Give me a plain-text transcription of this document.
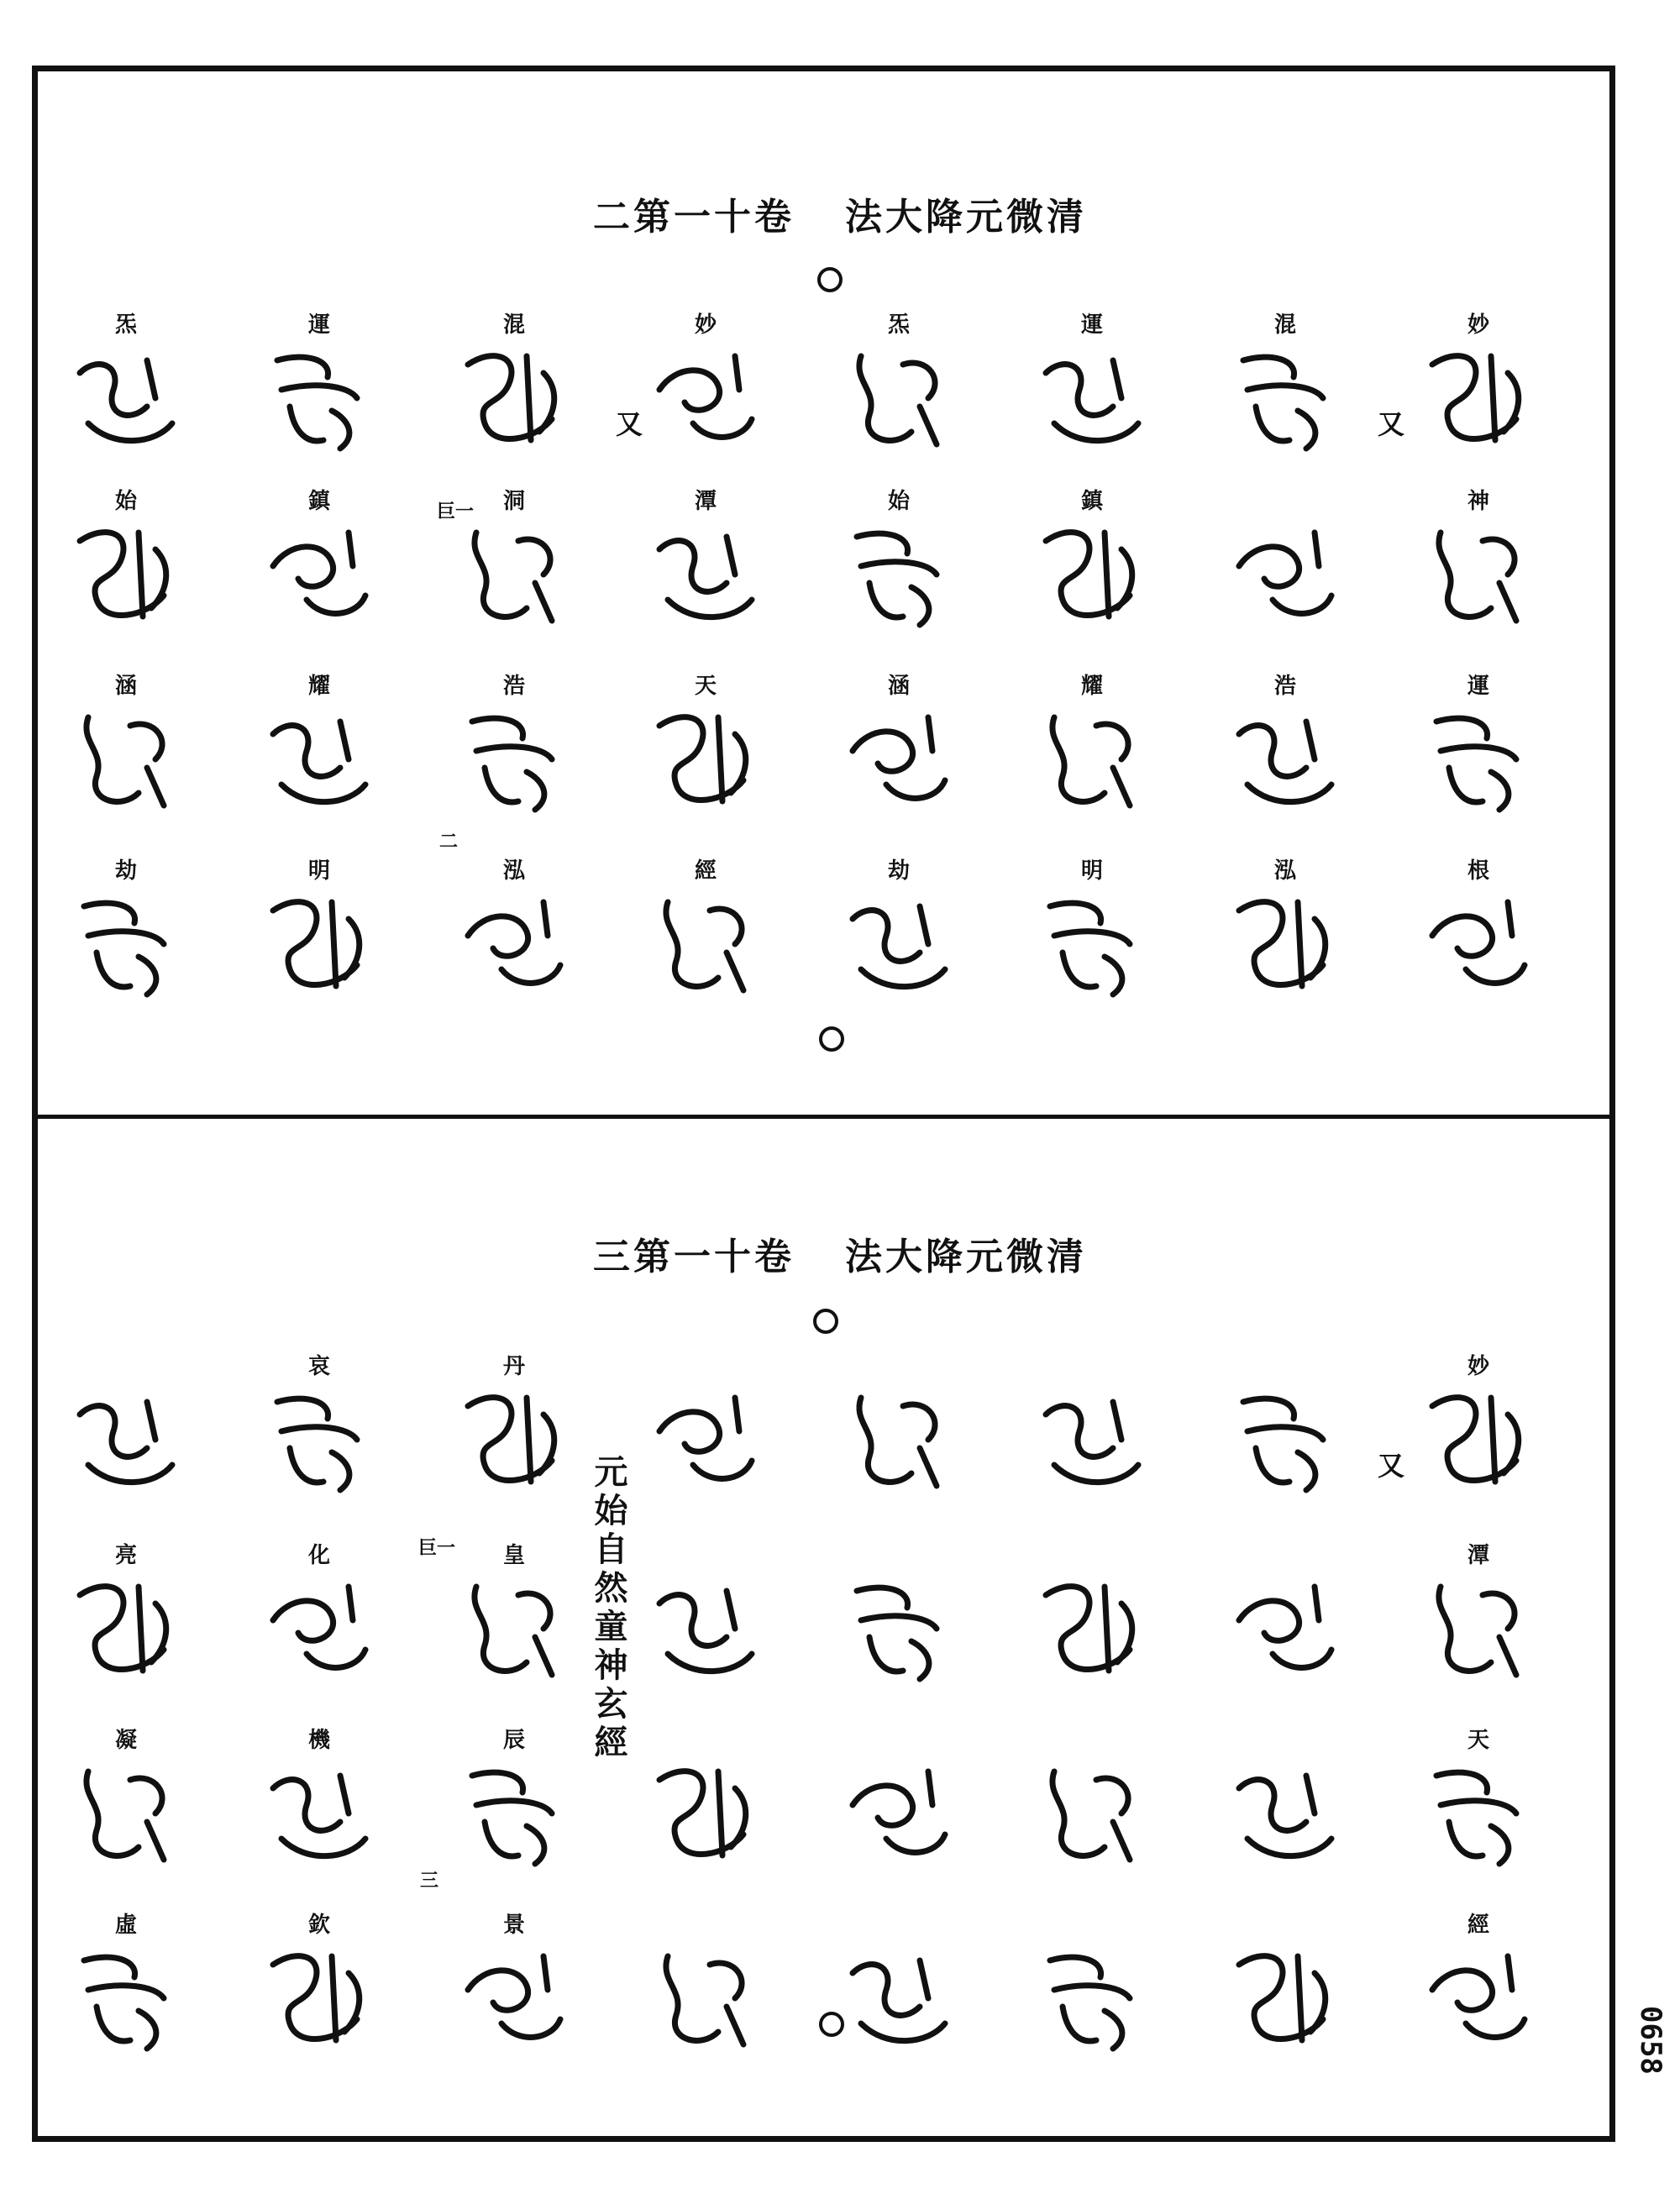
二第一十卷 法大降元微清
又	又
巨一
二
三第一十卷 法大降元微清
又
元始自然童神玄經
巨一
三
0658
妙
混
運
炁
妙
混
運
炁
神
鎮
始
潭
洞
鎮
始
運
浩
耀
涵
天
浩
耀
涵
根
泓
明
劫
經
泓
明
劫
妙
丹
哀
潭
皇
化
亮
天
辰
機
凝
經
景
欽
虛
